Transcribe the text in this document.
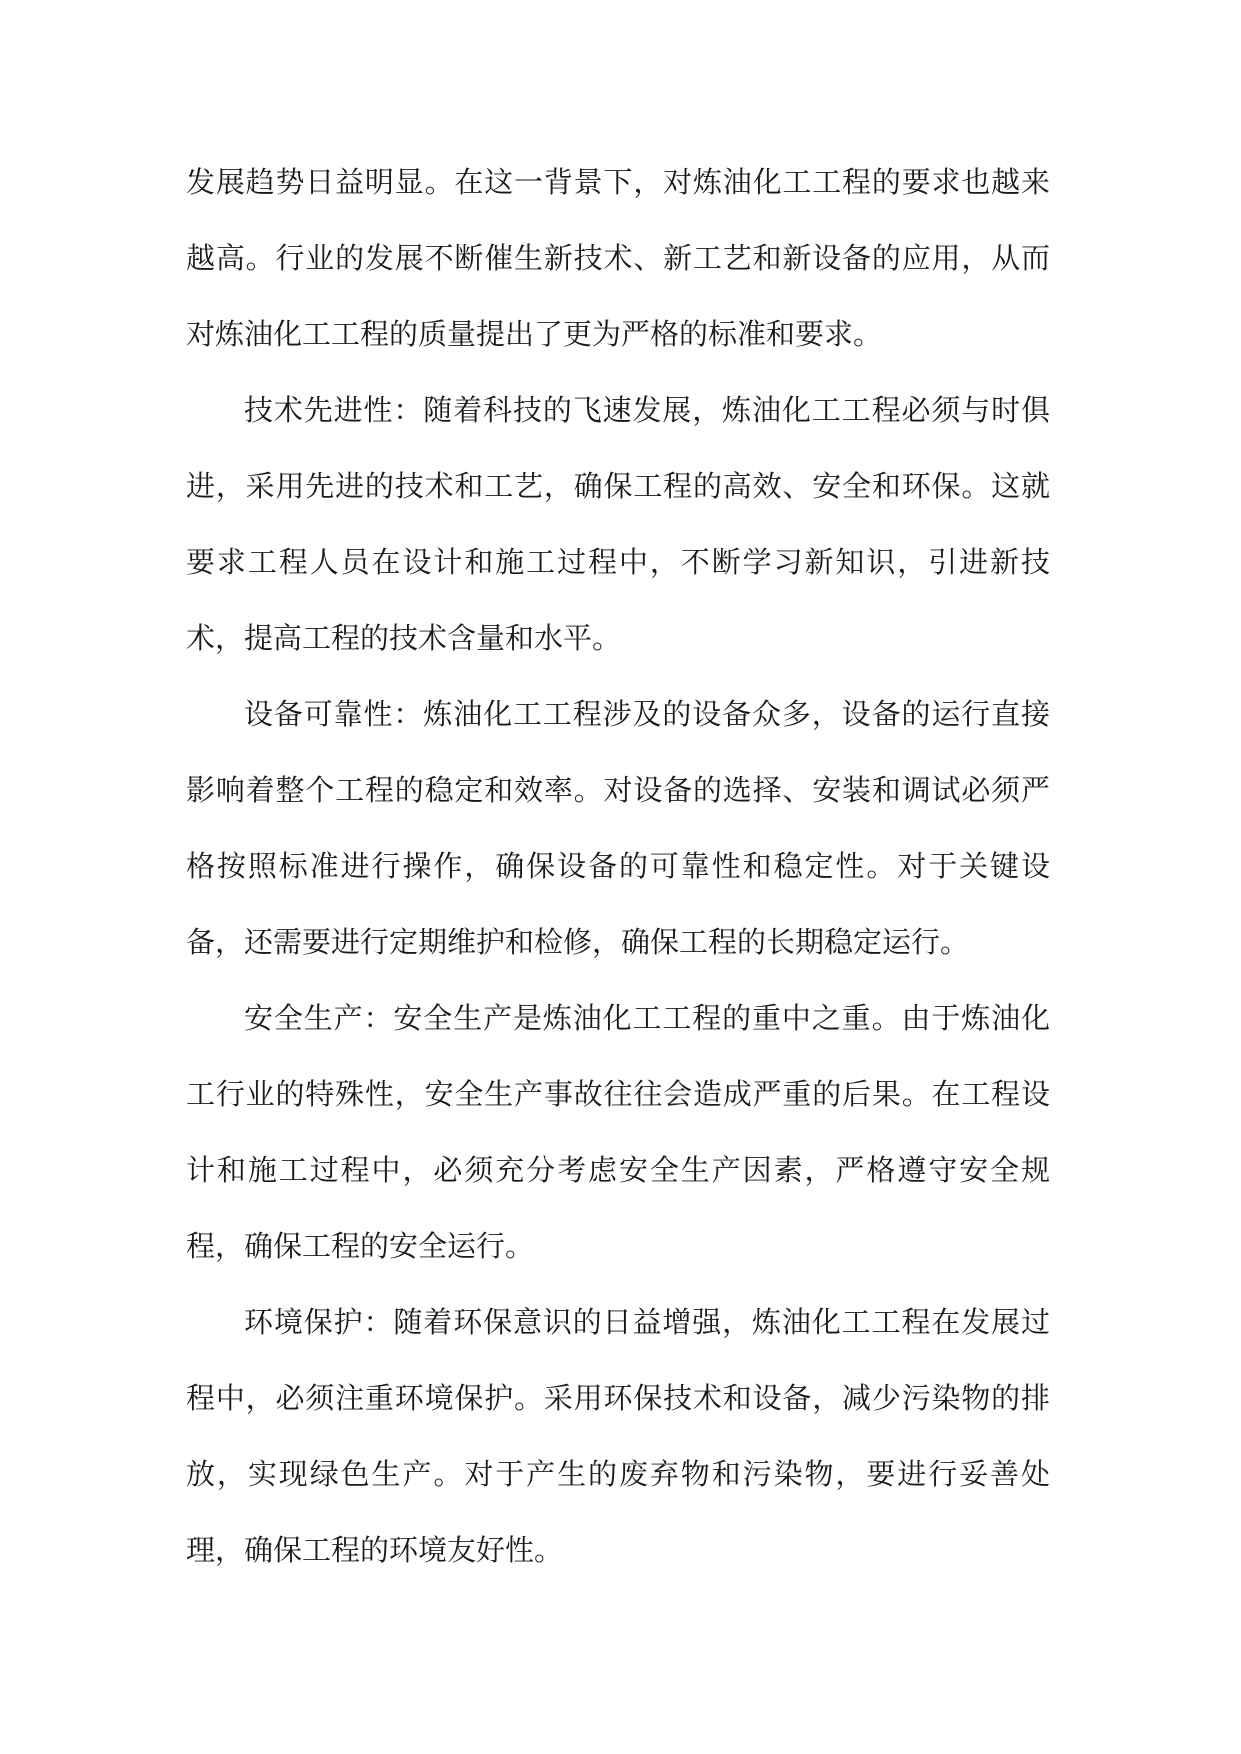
发展趋势日益明显。在这一背景下，对炼油化工工程的要求也越来越高。行业的发展不断催生新技术、新工艺和新设备的应用，从而对炼油化工工程的质量提出了更为严格的标准和要求。

技术先进性：随着科技的飞速发展，炼油化工工程必须与时俱进，采用先进的技术和工艺，确保工程的高效、安全和环保。这就要求工程人员在设计和施工过程中，不断学习新知识，引进新技术，提高工程的技术含量和水平。

设备可靠性：炼油化工工程涉及的设备众多，设备的运行直接影响着整个工程的稳定和效率。对设备的选择、安装和调试必须严格按照标准进行操作，确保设备的可靠性和稳定性。对于关键设备，还需要进行定期维护和检修，确保工程的长期稳定运行。

安全生产：安全生产是炼油化工工程的重中之重。由于炼油化工行业的特殊性，安全生产事故往往会造成严重的后果。在工程设计和施工过程中，必须充分考虑安全生产因素，严格遵守安全规程，确保工程的安全运行。

环境保护：随着环保意识的日益增强，炼油化工工程在发展过程中，必须注重环境保护。采用环保技术和设备，减少污染物的排放，实现绿色生产。对于产生的废弃物和污染物，要进行妥善处理，确保工程的环境友好性。
